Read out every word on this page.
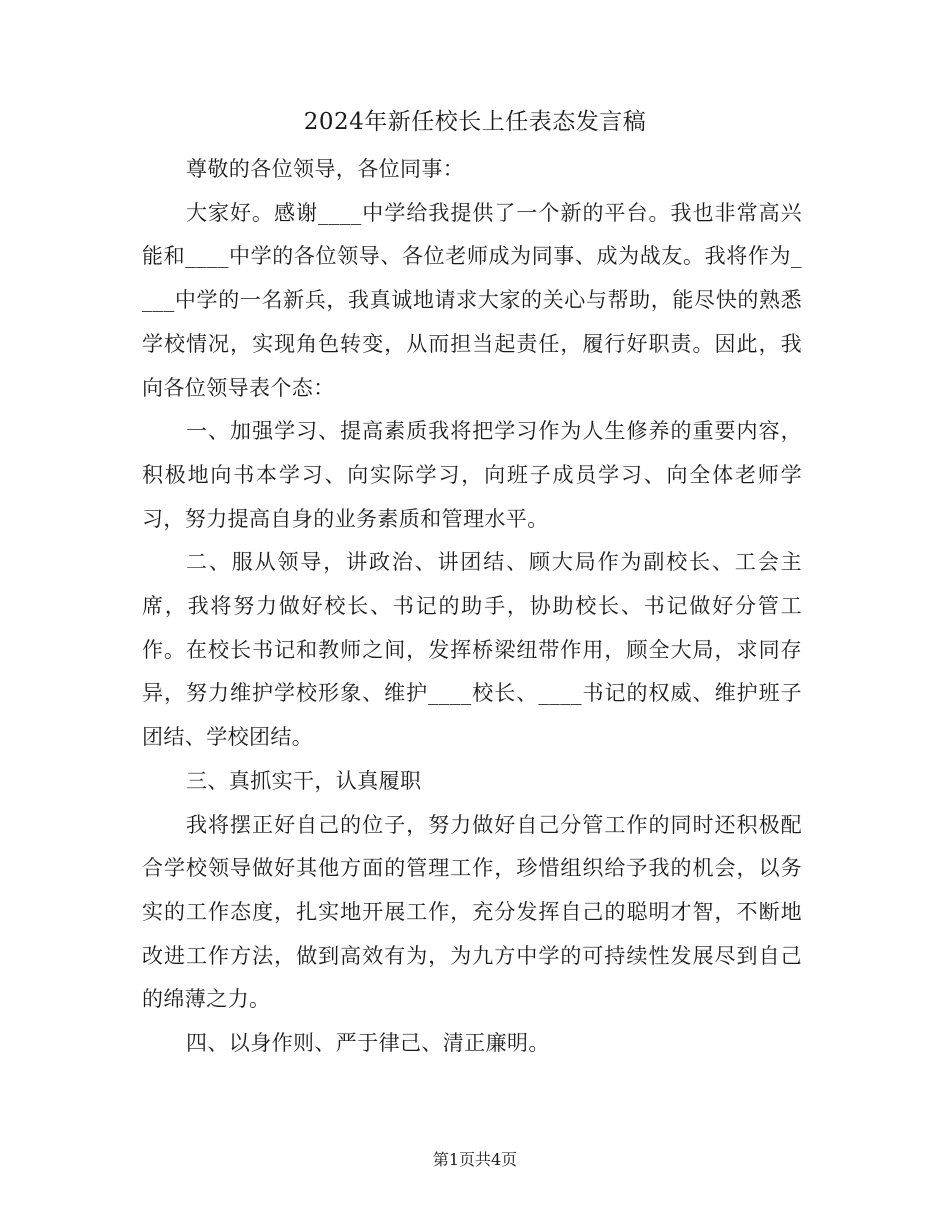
2024年新任校长上任表态发言稿

尊敬的各位领导，各位同事：

大家好。感谢____中学给我提供了一个新的平台。我也非常高兴能和____中学的各位领导、各位老师成为同事、成为战友。我将作为____中学的一名新兵，我真诚地请求大家的关心与帮助，能尽快的熟悉学校情况，实现角色转变，从而担当起责任，履行好职责。因此，我向各位领导表个态：

一、加强学习、提高素质我将把学习作为人生修养的重要内容，积极地向书本学习、向实际学习，向班子成员学习、向全体老师学习，努力提高自身的业务素质和管理水平。

二、服从领导，讲政治、讲团结、顾大局作为副校长、工会主席，我将努力做好校长、书记的助手，协助校长、书记做好分管工作。在校长书记和教师之间，发挥桥梁纽带作用，顾全大局，求同存异，努力维护学校形象、维护____校长、____书记的权威、维护班子团结、学校团结。

三、真抓实干，认真履职

我将摆正好自己的位子，努力做好自己分管工作的同时还积极配合学校领导做好其他方面的管理工作，珍惜组织给予我的机会，以务实的工作态度，扎实地开展工作，充分发挥自己的聪明才智，不断地改进工作方法，做到高效有为，为九方中学的可持续性发展尽到自己的绵薄之力。

四、以身作则、严于律己、清正廉明。

第1页共4页
